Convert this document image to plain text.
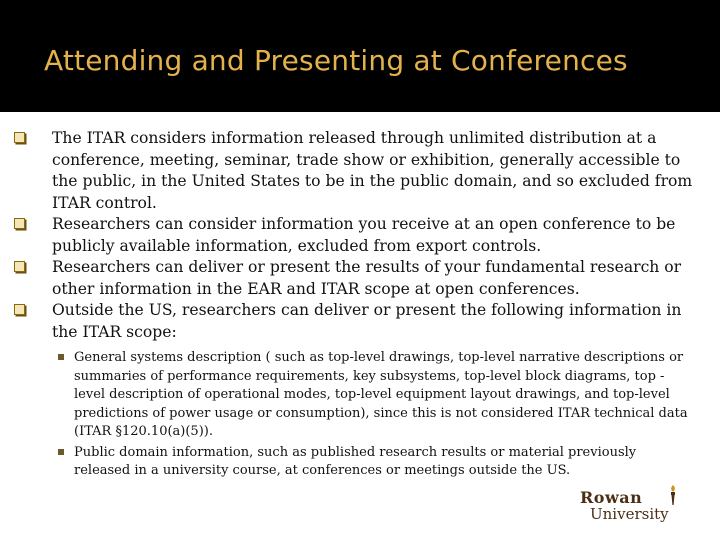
Attending and Presenting at Conferences
The ITAR considers information released through unlimited distribution at a conference, meeting, seminar, trade show or exhibition, generally accessible to the public, in the United States to be in the public domain, and so excluded from ITAR control.
Researchers can consider information you receive at an open conference to be publicly available information, excluded from export controls.
Researchers can deliver or present the results of your fundamental research or other information in the EAR and ITAR scope at open conferences.
Outside the US, researchers can deliver or present the following information in the ITAR scope:
General systems description ( such as top-level drawings, top-level narrative descriptions or summaries of performance requirements, key subsystems, top-level block diagrams, top -level description of operational modes, top-level equipment layout drawings, and top-level predictions of power usage or consumption), since this is not considered ITAR technical data (ITAR §120.10(a)(5)).
Public domain information, such as published research results or material previously released in a university course, at conferences or meetings outside the US.
Rowan
University
